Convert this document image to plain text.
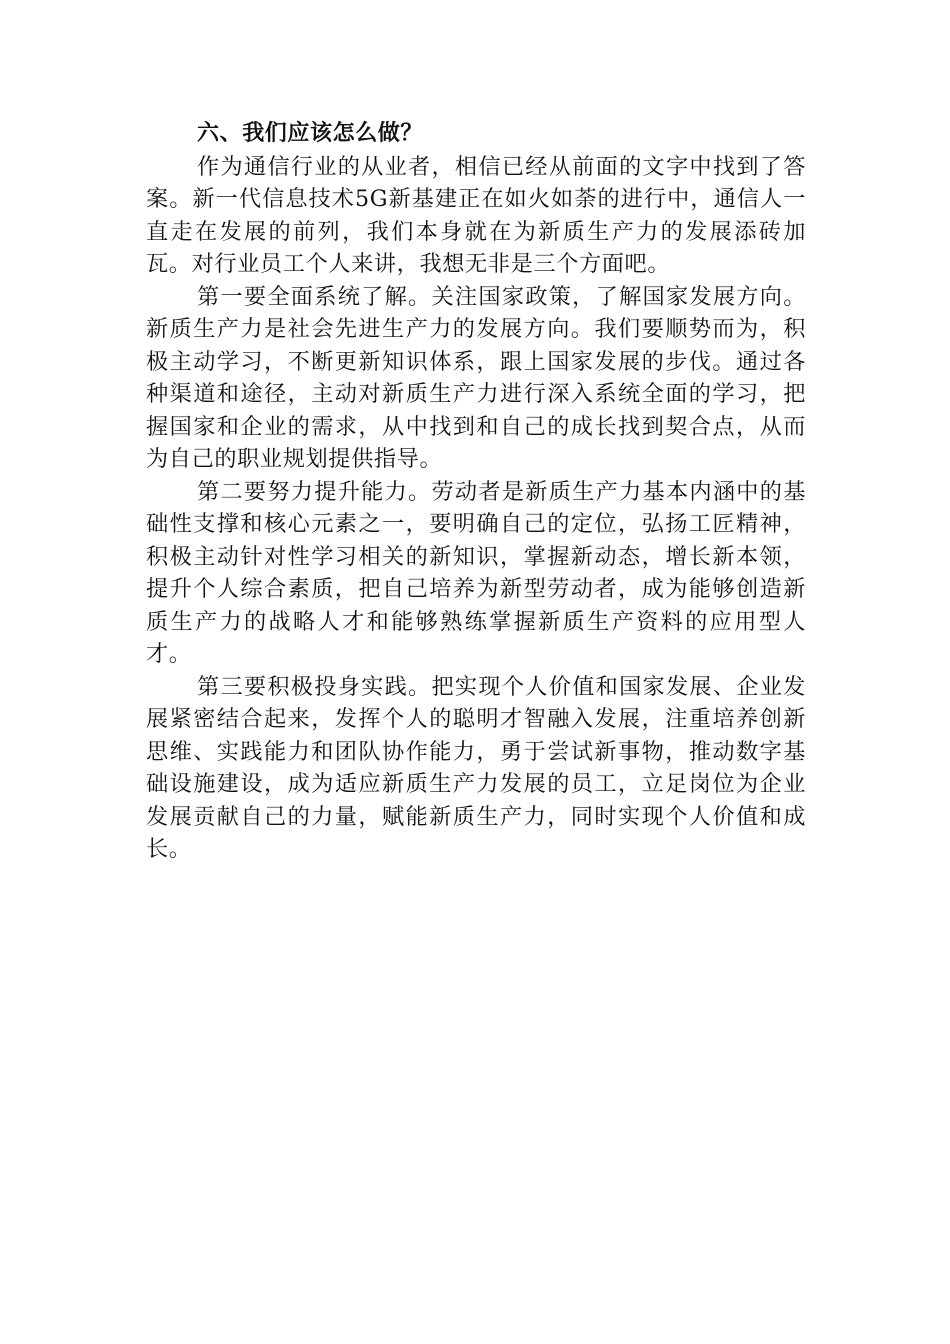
六、我们应该怎么做？

作为通信行业的从业者，相信已经从前面的文字中找到了答案。新一代信息技术5G新基建正在如火如荼的进行中，通信人一直走在发展的前列，我们本身就在为新质生产力的发展添砖加瓦。对行业员工个人来讲，我想无非是三个方面吧。

第一要全面系统了解。关注国家政策，了解国家发展方向。新质生产力是社会先进生产力的发展方向。我们要顺势而为，积极主动学习，不断更新知识体系，跟上国家发展的步伐。通过各种渠道和途径，主动对新质生产力进行深入系统全面的学习，把握国家和企业的需求，从中找到和自己的成长找到契合点，从而为自己的职业规划提供指导。

第二要努力提升能力。劳动者是新质生产力基本内涵中的基础性支撑和核心元素之一，要明确自己的定位，弘扬工匠精神，积极主动针对性学习相关的新知识，掌握新动态，增长新本领，提升个人综合素质，把自己培养为新型劳动者，成为能够创造新质生产力的战略人才和能够熟练掌握新质生产资料的应用型人才。

第三要积极投身实践。把实现个人价值和国家发展、企业发展紧密结合起来，发挥个人的聪明才智融入发展，注重培养创新思维、实践能力和团队协作能力，勇于尝试新事物，推动数字基础设施建设，成为适应新质生产力发展的员工，立足岗位为企业发展贡献自己的力量，赋能新质生产力，同时实现个人价值和成长。
